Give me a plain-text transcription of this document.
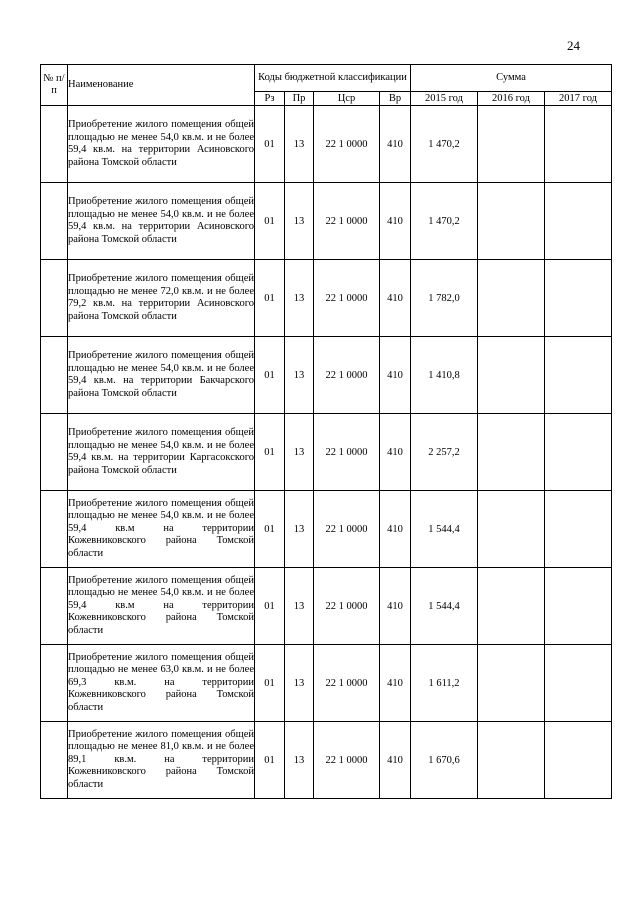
24
№ п/п	Наименование	Коды бюджетной классификации				Сумма		
		Рз	Пр	Цср	Вр	2015 год	2016 год	2017 год
	Приобретение жилого помещения общей площадью не менее 54,0 кв.м. и не более 59,4 кв.м. на территории Асиновского района Томской области	01	13	22 1 0000	410	1 470,2		
	Приобретение жилого помещения общей площадью не менее 54,0 кв.м. и не более 59,4 кв.м. на территории Асиновского района Томской области	01	13	22 1 0000	410	1 470,2		
	Приобретение жилого помещения общей площадью не менее 72,0 кв.м. и не более 79,2 кв.м. на территории Асиновского района Томской области	01	13	22 1 0000	410	1 782,0		
	Приобретение жилого помещения общей площадью не менее 54,0 кв.м. и не более 59,4 кв.м. на территории Бакчарского района Томской области	01	13	22 1 0000	410	1 410,8		
	Приобретение жилого помещения общей площадью не менее 54,0 кв.м. и не более 59,4 кв.м. на территории Каргасокского района Томской области	01	13	22 1 0000	410	2 257,2		
	Приобретение жилого помещения общей площадью не менее 54,0 кв.м. и не более 59,4 кв.м на территории Кожевниковского района Томской области	01	13	22 1 0000	410	1 544,4		
	Приобретение жилого помещения общей площадью не менее 54,0 кв.м. и не более 59,4 кв.м на территории Кожевниковского района Томской области	01	13	22 1 0000	410	1 544,4		
	Приобретение жилого помещения общей площадью не менее 63,0 кв.м. и не более 69,3 кв.м. на территории Кожевниковского района Томской области	01	13	22 1 0000	410	1 611,2		
	Приобретение жилого помещения общей площадью не менее 81,0 кв.м. и не более 89,1 кв.м. на территории Кожевниковского района Томской области	01	13	22 1 0000	410	1 670,6		
